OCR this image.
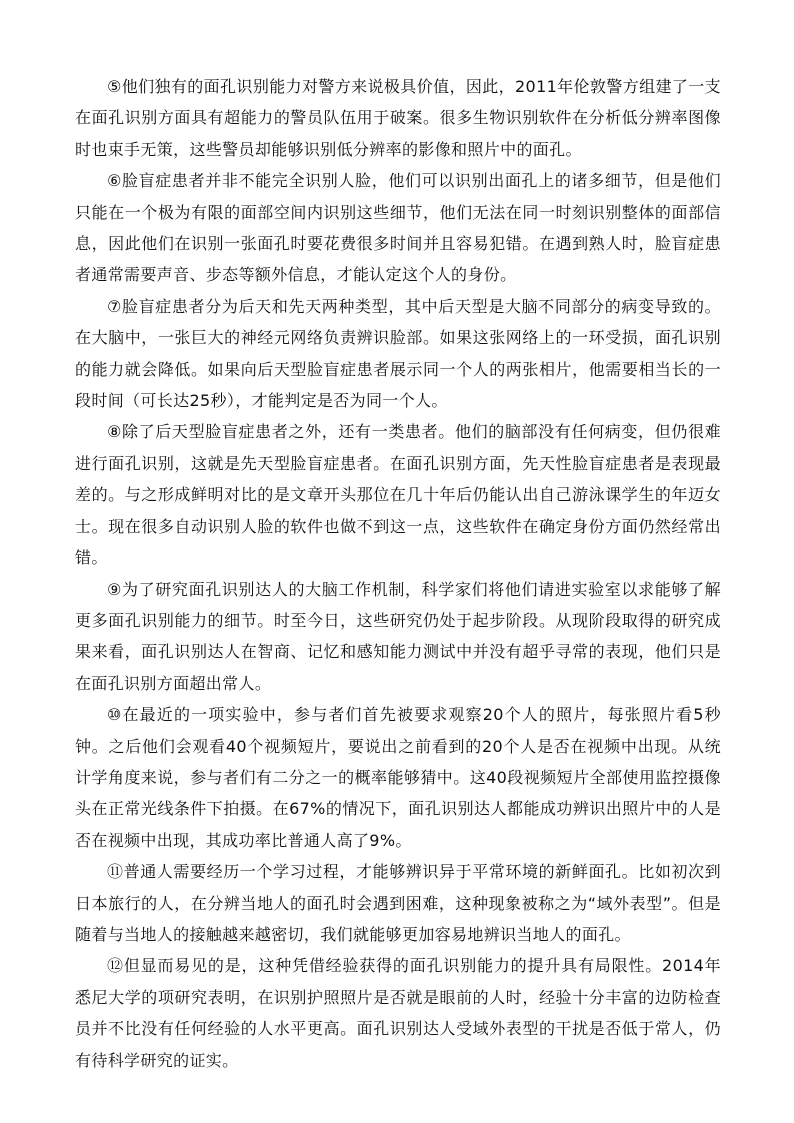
⑤他们独有的面孔识别能力对警方来说极具价值，因此，2011年伦敦警方组建了一支在面孔识别方面具有超能力的警员队伍用于破案。很多生物识别软件在分析低分辨率图像时也束手无策，这些警员却能够识别低分辨率的影像和照片中的面孔。

⑥脸盲症患者并非不能完全识别人脸，他们可以识别出面孔上的诸多细节，但是他们只能在一个极为有限的面部空间内识别这些细节，他们无法在同一时刻识别整体的面部信息，因此他们在识别一张面孔时要花费很多时间并且容易犯错。在遇到熟人时，脸盲症患者通常需要声音、步态等额外信息，才能认定这个人的身份。

⑦脸盲症患者分为后天和先天两种类型，其中后天型是大脑不同部分的病变导致的。在大脑中，一张巨大的神经元网络负责辨识脸部。如果这张网络上的一环受损，面孔识别的能力就会降低。如果向后天型脸盲症患者展示同一个人的两张相片，他需要相当长的一段时间（可长达25秒），才能判定是否为同一个人。

⑧除了后天型脸盲症患者之外，还有一类患者。他们的脑部没有任何病变，但仍很难进行面孔识别，这就是先天型脸盲症患者。在面孔识别方面，先天性脸盲症患者是表现最差的。与之形成鲜明对比的是文章开头那位在几十年后仍能认出自己游泳课学生的年迈女士。现在很多自动识别人脸的软件也做不到这一点，这些软件在确定身份方面仍然经常出错。

⑨为了研究面孔识别达人的大脑工作机制，科学家们将他们请进实验室以求能够了解更多面孔识别能力的细节。时至今日，这些研究仍处于起步阶段。从现阶段取得的研究成果来看，面孔识别达人在智商、记忆和感知能力测试中并没有超乎寻常的表现，他们只是在面孔识别方面超出常人。

⑩在最近的一项实验中，参与者们首先被要求观察20个人的照片，每张照片看5秒钟。之后他们会观看40个视频短片，要说出之前看到的20个人是否在视频中出现。从统计学角度来说，参与者们有二分之一的概率能够猜中。这40段视频短片全部使用监控摄像头在正常光线条件下拍摄。在67%的情况下，面孔识别达人都能成功辨识出照片中的人是否在视频中出现，其成功率比普通人高了9%。

⑪普通人需要经历一个学习过程，才能够辨识异于平常环境的新鲜面孔。比如初次到日本旅行的人，在分辨当地人的面孔时会遇到困难，这种现象被称之为“域外表型”。但是随着与当地人的接触越来越密切，我们就能够更加容易地辨识当地人的面孔。

⑫但显而易见的是，这种凭借经验获得的面孔识别能力的提升具有局限性。2014年悉尼大学的项研究表明，在识别护照照片是否就是眼前的人时，经验十分丰富的边防检查员并不比没有任何经验的人水平更高。面孔识别达人受域外表型的干扰是否低于常人，仍有待科学研究的证实。
